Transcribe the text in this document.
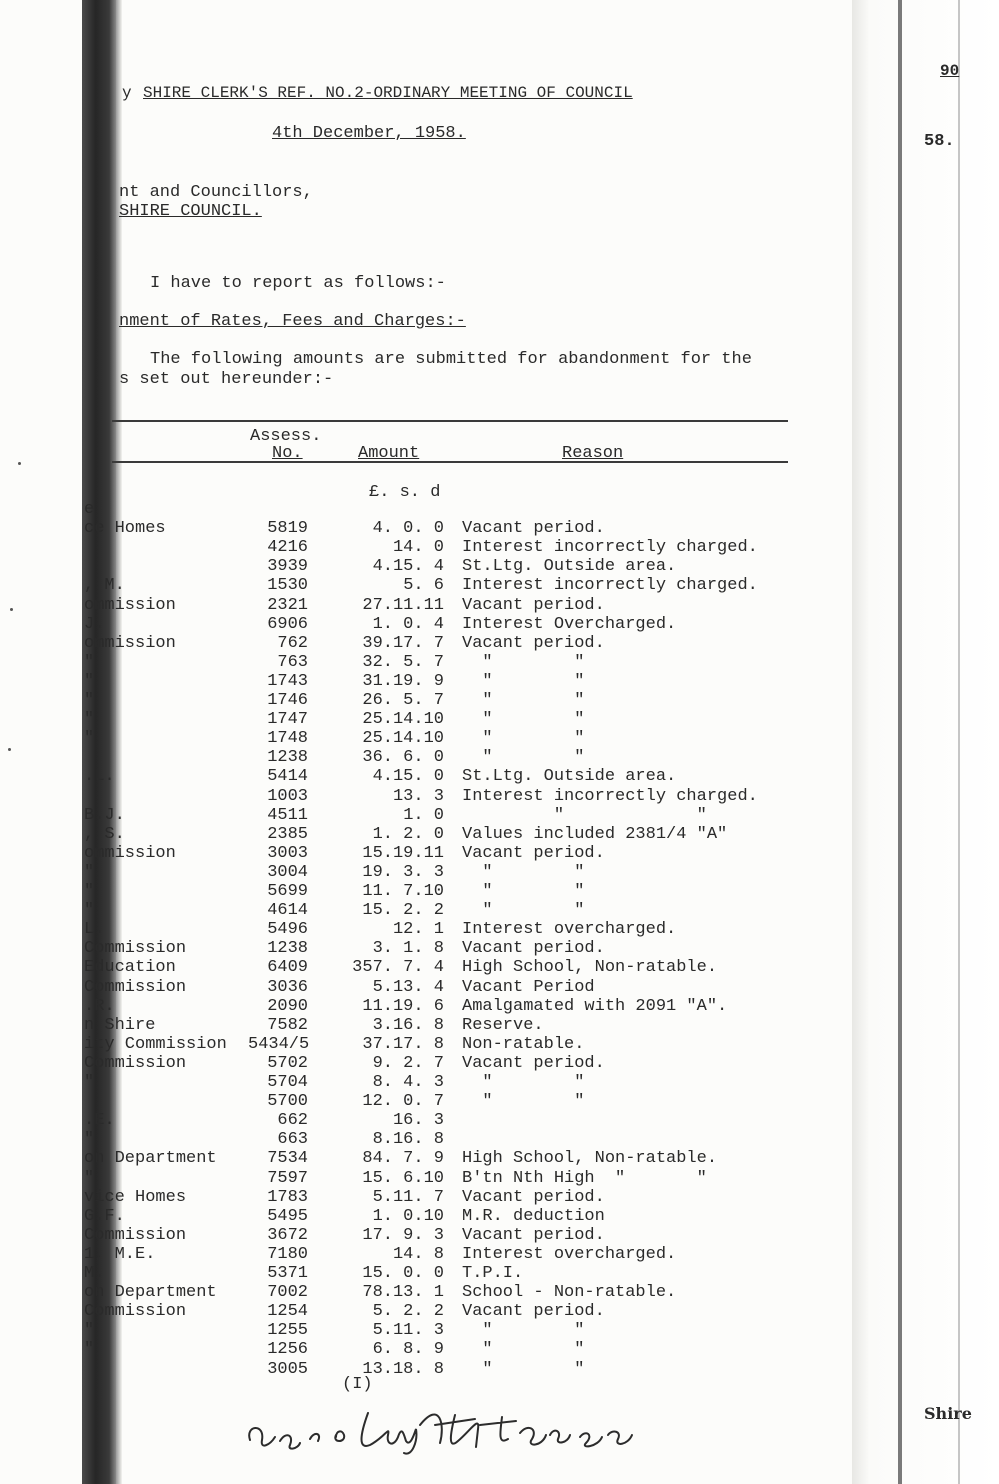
90
58.
Shire
y SHIRE CLERK'S REF. NO.2-ORDINARY MEETING OF COUNCIL
4th December, 1958.
nt and Councillors,
SHIRE COUNCIL.
I have to report as follows:-
nment of Rates, Fees and Charges:-
The following amounts are submitted for abandonment for the
s set out hereunder:-
Assess.
No.	Amount	Reason
£. s. d
e
ce Homes	5819	4. 0. 0 Vacant period.
4216	14. 0 Interest incorrectly charged.
3939	4.15. 4 St.Ltg. Outside area.
, M.	1530	5. 6 Interest incorrectly charged.
ommission	2321	27.11.11 Vacant period.
J.	6906	1. 0. 4 Interest Overcharged.
ommission	762	39.17. 7 Vacant period.
"	763	32. 5. 7 "        "
"	1743	31.19. 9 "        "
"	1746	26. 5. 7 "        "
"	1747	25.14.10 "        "
"	1748	25.14.10 "        "
1238	36. 6. 0 "        "
.L.	5414	4.15. 0 St.Ltg. Outside area.
1003	13. 3 Interest incorrectly charged.
B.J.	4511	1. 0 "             "
, S.	2385	1. 2. 0 Values included 2381/4 "A"
ommission	3003	15.19.11 Vacant period.
"	3004	19. 3. 3 "        "
"	5699	11. 7.10 "        "
"	4614	15. 2. 2 "        "
L.	5496	12. 1 Interest overcharged.
Commission	1238	3. 1. 8 Vacant period.
Education	6409	357. 7. 4 High School, Non-ratable.
Commission	3036	5.13. 4 Vacant Period
.R.	2090	11.19. 6 Amalgamated with 2091 "A".
n Shire	7582	3.16. 8 Reserve.
ity Commission 5434/5	37.17. 8 Non-ratable.
Commission	5702	9. 2. 7 Vacant period.
"	5704	8. 4. 3 "        "
5700	12. 0. 7 "        "
.E.	662	16. 3
"	663	8.16. 8
on Department	7534	84. 7. 9 High School, Non-ratable.
"	7597	15. 6.10 B'tn Nth High  "       "
vice Homes	1783	5.11. 7 Vacant period.
G.F.	5495	1. 0.10 M.R. deduction
Commission	3672	17. 9. 3 Vacant period.
1, M.E.	7180	14. 8 Interest overcharged.
M.	5371	15. 0. 0 T.P.I.
on Department	7002	78.13. 1 School - Non-ratable.
Commission	1254	5. 2. 2 Vacant period.
"	1255	5.11. 3 "        "
"	1256	6. 8. 9 "        "
3005	13.18. 8 "        "
(I)
